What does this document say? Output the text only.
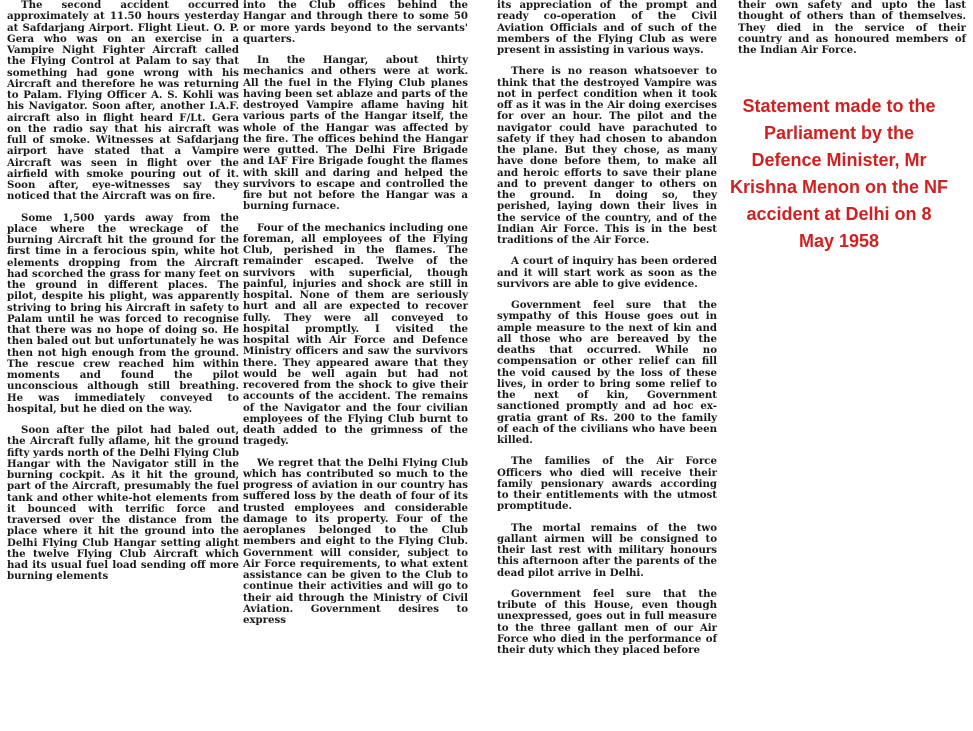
The second accident occurred approximately at 11.50 hours yesterday at Safdarjang Airport. Flight Lieut. O. P. Gera who was on an exercise in a Vampire Night Fighter Aircraft called the Flying Control at Palam to say that something had gone wrong with his Aircraft and therefore he was returning to Palam. Flying Officer A. S. Kohli was his Navigator. Soon after, another I.A.F. aircraft also in flight heard F/Lt. Gera on the radio say that his aircraft was full of smoke. Witnesses at Safdarjang airport have stated that a Vampire Aircraft was seen in flight over the airfield with smoke pouring out of it. Soon after, eye-witnesses say they noticed that the Aircraft was on fire.

Some 1,500 yards away from the place where the wreckage of the burning Aircraft hit the ground for the first time in a ferocious spin, white hot elements dropping from the Aircraft had scorched the grass for many feet on the ground in different places. The pilot, despite his plight, was apparently striving to bring his Aircraft in safety to Palam until he was forced to recognise that there was no hope of doing so. He then baled out but unfortunately he was then not high enough from the ground. The rescue crew reached him within moments and found the pilot unconscious although still breathing. He was immediately conveyed to hospital, but he died on the way.

Soon after the pilot had baled out, the Aircraft fully aflame, hit the ground fifty yards north of the Delhi Flying Club Hangar with the Navigator still in the burning cockpit. As it hit the ground, part of the Aircraft, presumably the fuel tank and other white-hot elements from it bounced with terrific force and traversed over the distance from the place where it hit the ground into the Delhi Flying Club Hangar setting alight the twelve Flying Club Aircraft which had its usual fuel load sending off more burning elements

into the Club offices behind the Hangar and through there to some 50 or more yards beyond to the servants' quarters.

In the Hangar, about thirty mechanics and others were at work. All the fuel in the Flying Club planes having been set ablaze and parts of the destroyed Vampire aflame having hit various parts of the Hangar itself, the whole of the Hangar was affected by the fire. The offices behind the Hangar were gutted. The Delhi Fire Brigade and IAF Fire Brigade fought the flames with skill and daring and helped the survivors to escape and controlled the fire but not before the Hangar was a burning furnace.

Four of the mechanics including one foreman, all employees of the Flying Club, perished in the flames. The remainder escaped. Twelve of the survivors with superficial, though painful, injuries and shock are still in hospital. None of them are seriously hurt and all are expected to recover fully. They were all conveyed to hospital promptly. I visited the hospital with Air Force and Defence Ministry officers and saw the survivors there. They appeared aware that they would be well again but had not recovered from the shock to give their accounts of the accident. The remains of the Navigator and the four civilian employees of the Flying Club burnt to death added to the grimness of the tragedy.

We regret that the Delhi Flying Club which has contributed so much to the progress of aviation in our country has suffered loss by the death of four of its trusted employees and considerable damage to its property. Four of the aeroplanes belonged to the Club members and eight to the Flying Club. Government will consider, subject to Air Force requirements, to what extent assistance can be given to the Club to continue their activities and will go to their aid through the Ministry of Civil Aviation. Government desires to express

its appreciation of the prompt and ready co-operation of the Civil Aviation Officials and of such of the members of the Flying Club as were present in assisting in various ways.

There is no reason whatsoever to think that the destroyed Vampire was not in perfect condition when it took off as it was in the Air doing exercises for over an hour. The pilot and the navigator could have parachuted to safety if they had chosen to abandon the plane. But they chose, as many have done before them, to make all and heroic efforts to save their plane and to prevent danger to others on the ground. In doing so, they perished, laying down their lives in the service of the country, and of the Indian Air Force. This is in the best traditions of the Air Force.

A court of inquiry has been ordered and it will start work as soon as the survivors are able to give evidence.

Government feel sure that the sympathy of this House goes out in ample measure to the next of kin and all those who are bereaved by the deaths that occurred. While no compensation or other relief can fill the void caused by the loss of these lives, in order to bring some relief to the next of kin, Government sanctioned promptly and ad hoc ex-gratia grant of Rs. 200 to the family of each of the civilians who have been killed.

The families of the Air Force Officers who died will receive their family pensionary awards according to their entitlements with the utmost promptitude.

The mortal remains of the two gallant airmen will be consigned to their last rest with military honours this afternoon after the parents of the dead pilot arrive in Delhi.

Government feel sure that the tribute of this House, even though unexpressed, goes out in full measure to the three gallant men of our Air Force who died in the performance of their duty which they placed before

their own safety and upto the last thought of others than of themselves. They died in the service of their country and as honoured members of the Indian Air Force.

Statement made to the Parliament by the Defence Minister, Mr Krishna Menon on the NF accident at Delhi on 8 May 1958
